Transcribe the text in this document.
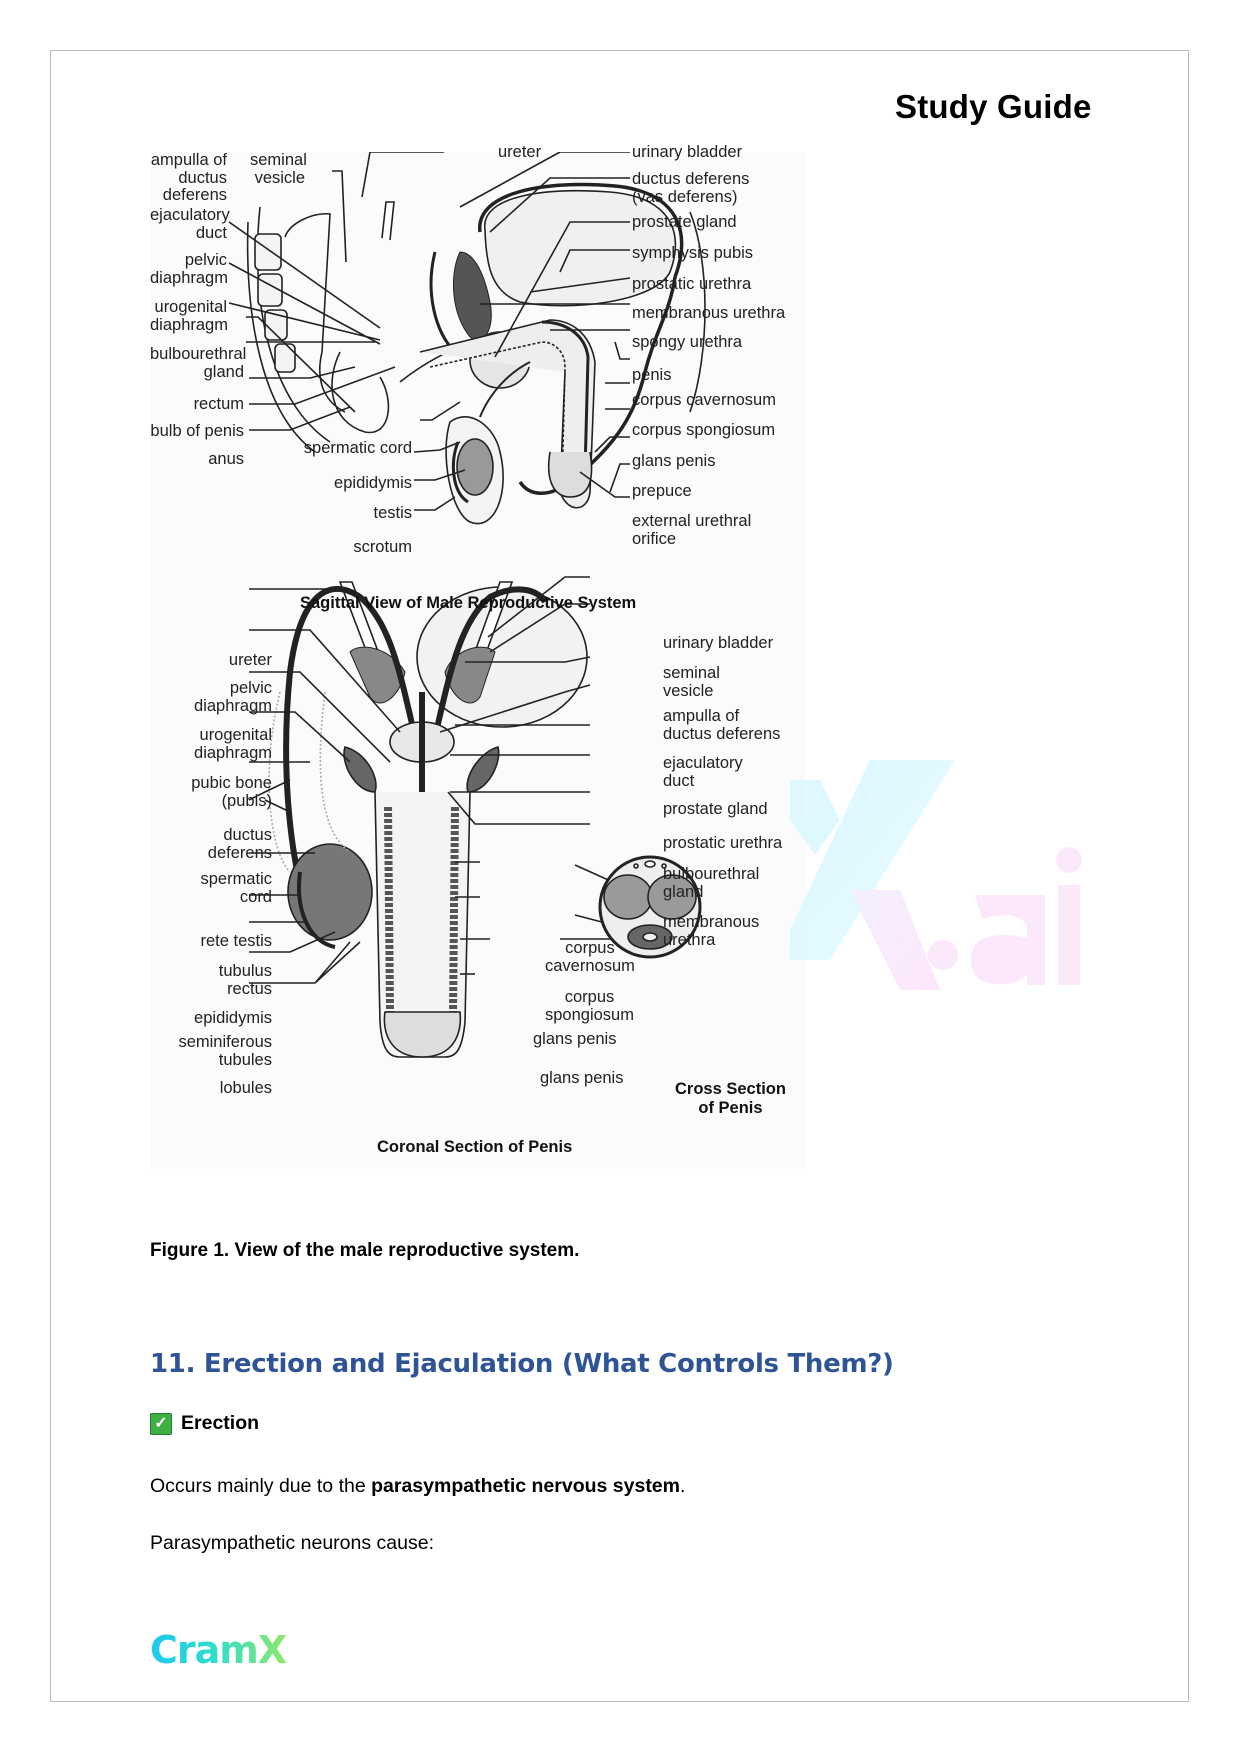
Study Guide
ampulla of
ductus
deferens
seminal
vesicle
ejaculatory
duct
pelvic
diaphragm
urogenital
diaphragm
bulbourethral
gland
rectum
bulb of penis
anus
ureter
spermatic cord
epididymis
testis
scrotum
urinary bladder
ductus deferens
(vas deferens)
prostate gland
symphysis pubis
prostatic urethra
membranous urethra
spongy urethra
penis
corpus cavernosum
corpus spongiosum
glans penis
prepuce
external urethral
orifice
Sagittal View of Male Reproductive System
ureter
pelvic
diaphragm
urogenital
diaphragm
pubic bone
(pubis)
ductus
deferens
spermatic
cord
rete testis
tubulus
rectus
epididymis
seminiferous
tubules
lobules
urinary bladder
seminal
vesicle
ampulla of
ductus deferens
ejaculatory
duct
prostate gland
prostatic urethra
bulbourethral
gland
membranous
urethra
corpus
cavernosum
corpus
spongiosum
glans penis
glans penis
Cross Section
of Penis
Coronal Section of Penis
Figure 1. View of the male reproductive system.
11. Erection and Ejaculation (What Controls Them?)
✓ Erection
Occurs mainly due to the parasympathetic nervous system.
Parasympathetic neurons cause:
CramX
